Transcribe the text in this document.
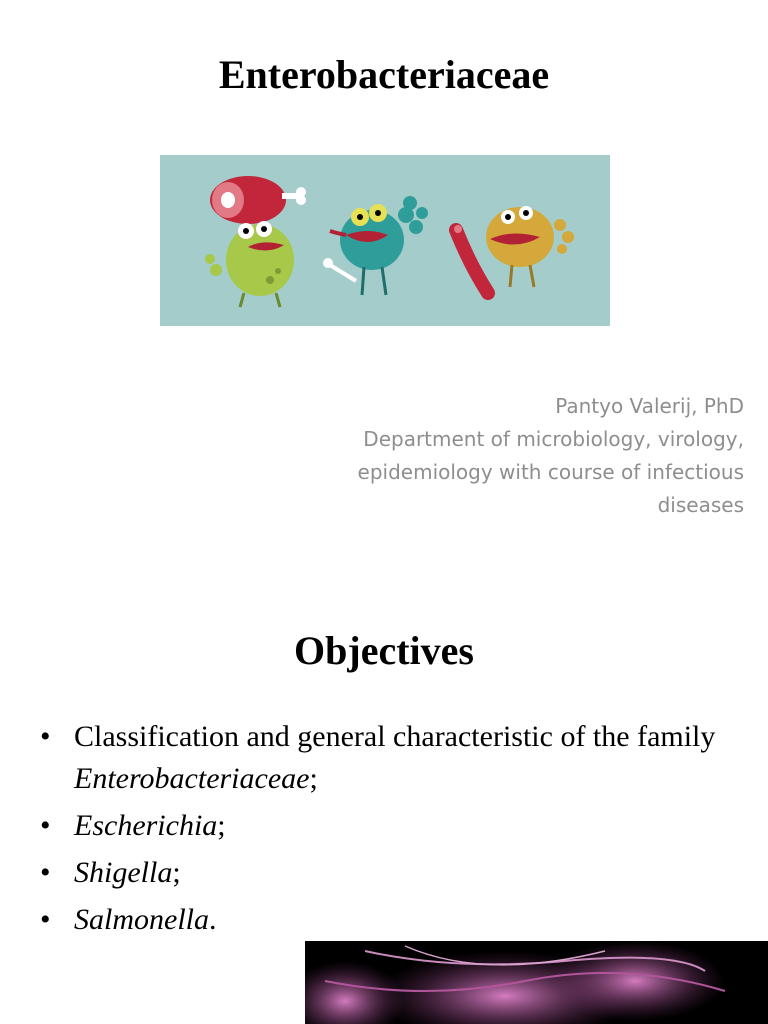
Enterobacteriaceae
Pantyo Valerij, PhD
Department of microbiology, virology,
epidemiology with course of infectious
diseases
Objectives
• Classification and general characteristic of the family Enterobacteriaceae;
• Escherichia;
• Shigella;
• Salmonella.
